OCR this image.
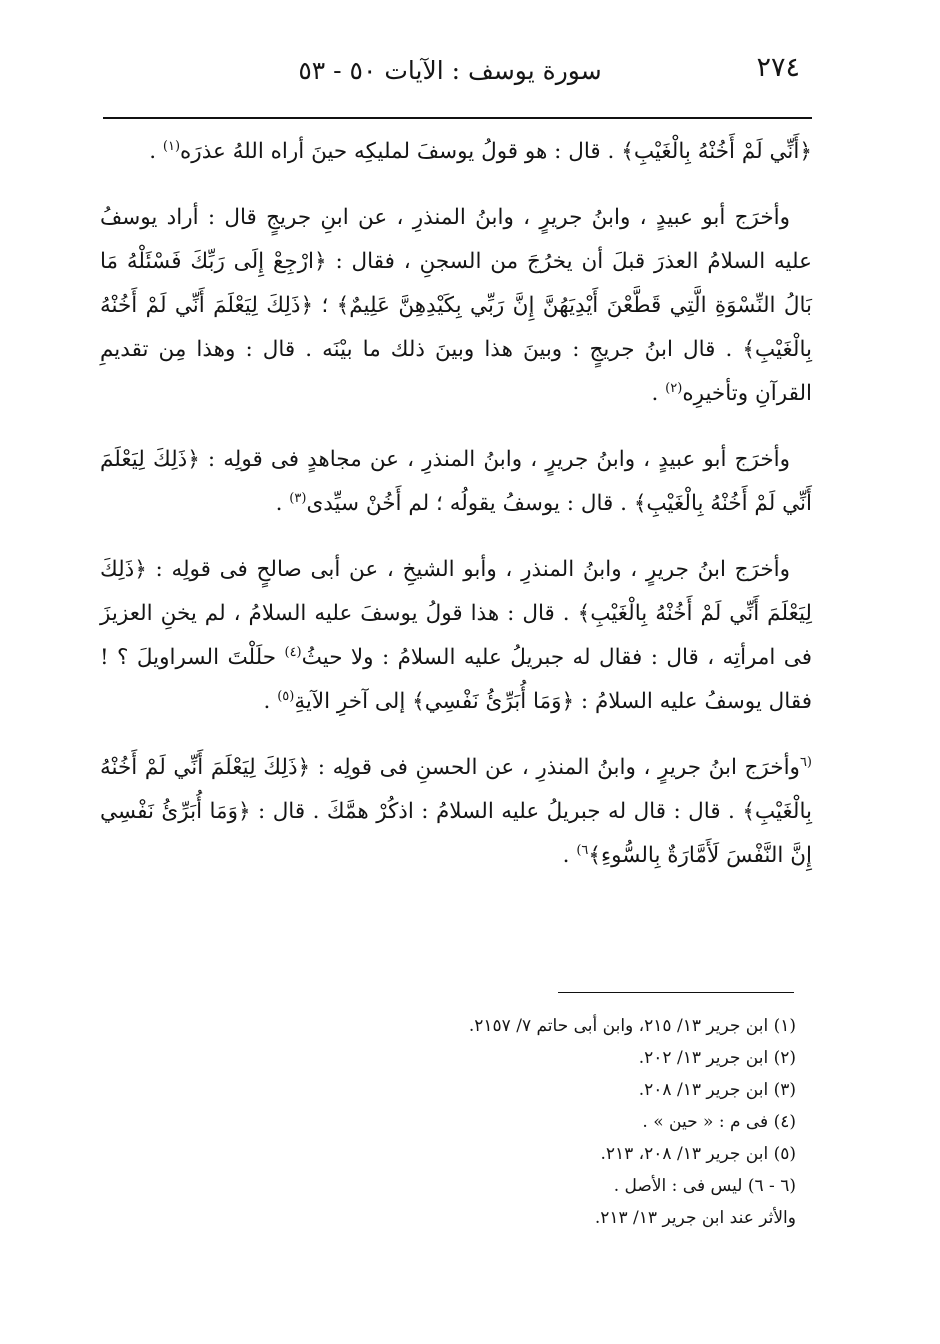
٢٧٤
سورة يوسف : الآيات ٥٠ - ٥٣

﴿أَنِّي لَمْ أَخُنْهُ بِالْغَيْبِ﴾ . قال : هو قولُ يوسفَ لمليكِه حينَ أراه اللهُ عذرَه$^{(١)}$ .

وأخرَج أبو عبيدٍ ، وابنُ جريرٍ ، وابنُ المنذرِ ، عن ابنِ جريجٍ قال : أراد يوسفُ عليه السلامُ العذرَ قبلَ أن يخرُجَ من السجنِ ، فقال : ﴿ارْجِعْ إِلَى رَبِّكَ فَسْئَلْهُ مَا بَالُ النِّسْوَةِ الَّتِي قَطَّعْنَ أَيْدِيَهُنَّ إِنَّ رَبِّي بِكَيْدِهِنَّ عَلِيمٌ﴾ ؛ ﴿ذَلِكَ لِيَعْلَمَ أَنِّي لَمْ أَخُنْهُ بِالْغَيْبِ﴾ . قال ابنُ جريجٍ : وبينَ هذا وبينَ ذلك ما بيْنَه . قال : وهذا مِن تقديمِ القرآنِ وتأخيرِه$^{(٢)}$ .

وأخرَج أبو عبيدٍ ، وابنُ جريرٍ ، وابنُ المنذرِ ، عن مجاهدٍ فى قولِه : ﴿ذَلِكَ لِيَعْلَمَ أَنِّي لَمْ أَخُنْهُ بِالْغَيْبِ﴾ . قال : يوسفُ يقولُه ؛ لم أَخُنْ سيِّدى$^{(٣)}$ .

وأخرَج ابنُ جريرٍ ، وابنُ المنذرِ ، وأبو الشيخِ ، عن أبى صالحٍ فى قولِه : ﴿ذَلِكَ لِيَعْلَمَ أَنِّي لَمْ أَخُنْهُ بِالْغَيْبِ﴾ . قال : هذا قولُ يوسفَ عليه السلامُ ، لم يخنِ العزيزَ فى امرأتِه ، قال : فقال له جبريلُ عليه السلامُ : ولا حيثُ$^{(٤)}$ حلَلْتَ السراويلَ ؟ ! فقال يوسفُ عليه السلامُ : ﴿وَمَا أُبَرِّئُ نَفْسِي﴾ إلى آخرِ الآيةِ$^{(٥)}$ .

$^{(٦}$وأخرَج ابنُ جريرٍ ، وابنُ المنذرِ ، عن الحسنِ فى قولِه : ﴿ذَلِكَ لِيَعْلَمَ أَنِّي لَمْ أَخُنْهُ بِالْغَيْبِ﴾ . قال : قال له جبريلُ عليه السلامُ : اذكُرْ همَّكَ . قال : ﴿وَمَا أُبَرِّئُ نَفْسِي إِنَّ النَّفْسَ لَأَمَّارَةٌ بِالسُّوءِ﴾$^{٦)}$ .

(١) ابن جرير ١٣/ ٢١٥، وابن أبى حاتم ٧/ ٢١٥٧.

(٢) ابن جرير ١٣/ ٢٠٢.

(٣) ابن جرير ١٣/ ٢٠٨.

(٤) فى م : « حين » .

(٥) ابن جرير ١٣/ ٢٠٨، ٢١٣.

(٦ - ٦) ليس فى : الأصل .

والأثر عند ابن جرير ١٣/ ٢١٣.
